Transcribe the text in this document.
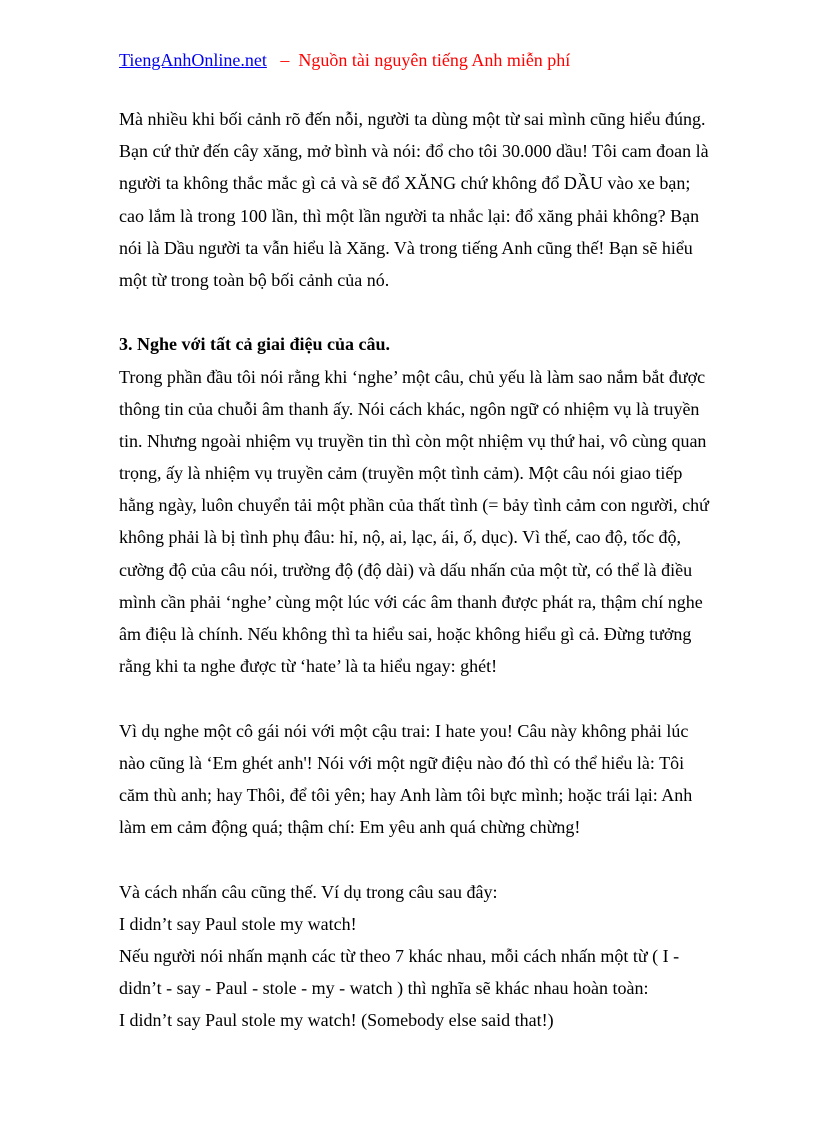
TiengAnhOnline.net – Nguồn tài nguyên tiếng Anh miễn phí
Mà nhiều khi bối cảnh rõ đến nỗi, người ta dùng một từ sai mình cũng hiểu đúng.
Bạn cứ thử đến cây xăng, mở bình và nói: đổ cho tôi 30.000 dầu! Tôi cam đoan là
người ta không thắc mắc gì cả và sẽ đổ XĂNG chứ không đổ DẦU vào xe bạn;
cao lắm là trong 100 lần, thì một lần người ta nhắc lại: đổ xăng phải không? Bạn
nói là Dầu người ta vẫn hiểu là Xăng. Và trong tiếng Anh cũng thế! Bạn sẽ hiểu
một từ trong toàn bộ bối cảnh của nó.
3. Nghe với tất cả giai điệu của câu.
Trong phần đầu tôi nói rằng khi ‘nghe’ một câu, chủ yếu là làm sao nắm bắt được
thông tin của chuỗi âm thanh ấy. Nói cách khác, ngôn ngữ có nhiệm vụ là truyền
tin. Nhưng ngoài nhiệm vụ truyền tin thì còn một nhiệm vụ thứ hai, vô cùng quan
trọng, ấy là nhiệm vụ truyền cảm (truyền một tình cảm). Một câu nói giao tiếp
hằng ngày, luôn chuyển tải một phần của thất tình (= bảy tình cảm con người, chứ
không phải là bị tình phụ đâu: hỉ, nộ, ai, lạc, ái, ố, dục). Vì thế, cao độ, tốc độ,
cường độ của câu nói, trường độ (độ dài) và dấu nhấn của một từ, có thể là điều
mình cần phải ‘nghe’ cùng một lúc với các âm thanh được phát ra, thậm chí nghe
âm điệu là chính. Nếu không thì ta hiểu sai, hoặc không hiểu gì cả. Đừng tưởng
rằng khi ta nghe được từ ‘hate’ là ta hiểu ngay: ghét!
Vì dụ nghe một cô gái nói với một cậu trai: I hate you! Câu này không phải lúc
nào cũng là ‘Em ghét anh'! Nói với một ngữ điệu nào đó thì có thể hiểu là: Tôi
căm thù anh; hay Thôi, để tôi yên; hay Anh làm tôi bực mình; hoặc trái lại: Anh
làm em cảm động quá; thậm chí: Em yêu anh quá chừng chừng!
Và cách nhấn câu cũng thế. Ví dụ trong câu sau đây:
I didn’t say Paul stole my watch!
Nếu người nói nhấn mạnh các từ theo 7 khác nhau, mỗi cách nhấn một từ ( I -
didn’t - say - Paul - stole - my - watch ) thì nghĩa sẽ khác nhau hoàn toàn:
I didn’t say Paul stole my watch! (Somebody else said that!)
